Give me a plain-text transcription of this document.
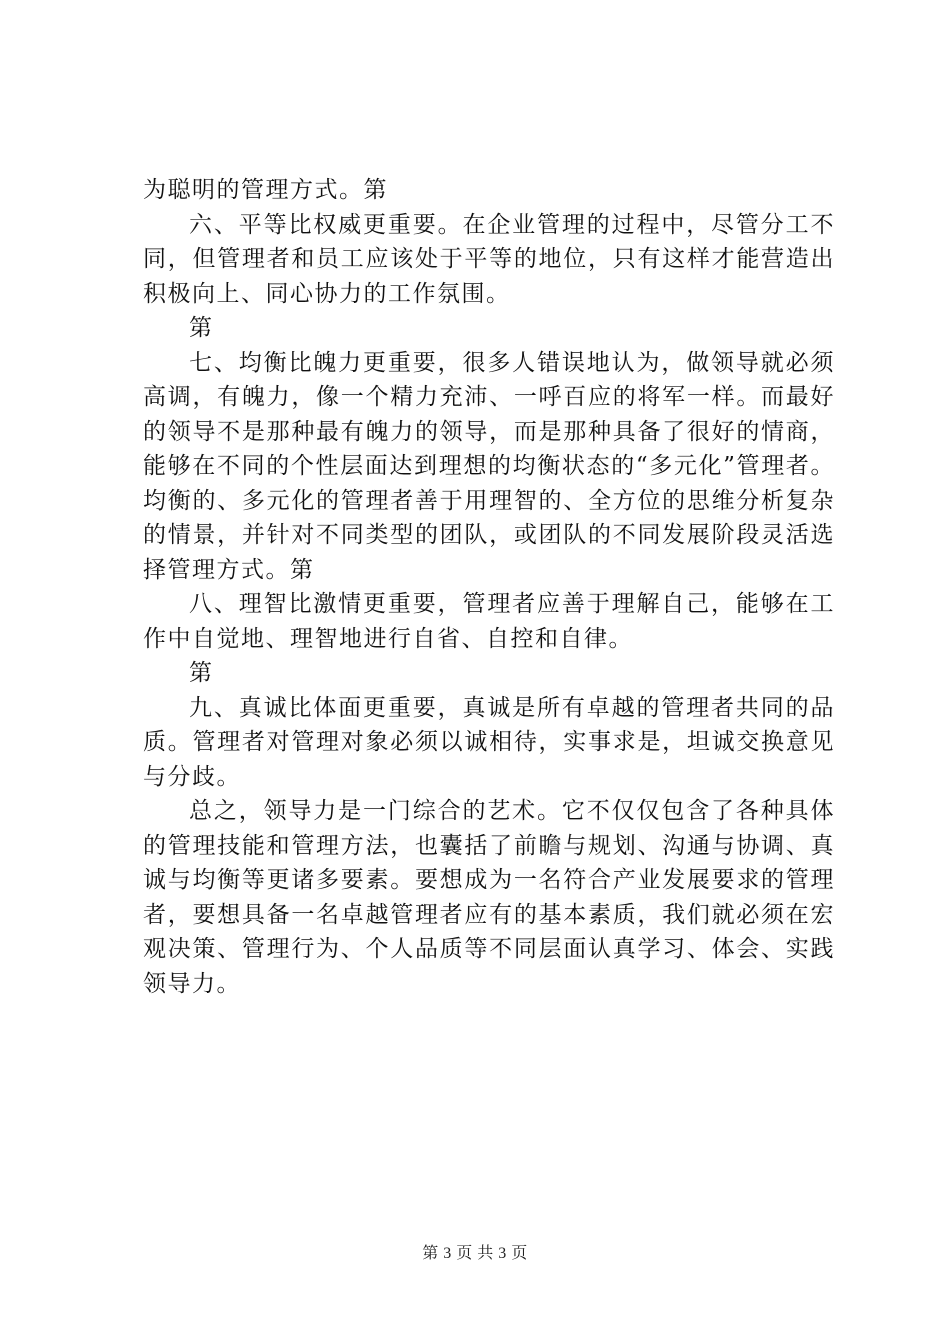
为聪明的管理方式。第

六、平等比权威更重要。在企业管理的过程中，尽管分工不同，但管理者和员工应该处于平等的地位，只有这样才能营造出积极向上、同心协力的工作氛围。

第

七、均衡比魄力更重要，很多人错误地认为，做领导就必须高调，有魄力，像一个精力充沛、一呼百应的将军一样。而最好的领导不是那种最有魄力的领导，而是那种具备了很好的情商，能够在不同的个性层面达到理想的均衡状态的“多元化”管理者。均衡的、多元化的管理者善于用理智的、全方位的思维分析复杂的情景，并针对不同类型的团队，或团队的不同发展阶段灵活选择管理方式。第

八、理智比激情更重要，管理者应善于理解自己，能够在工作中自觉地、理智地进行自省、自控和自律。

第

九、真诚比体面更重要，真诚是所有卓越的管理者共同的品质。管理者对管理对象必须以诚相待，实事求是，坦诚交换意见与分歧。

总之，领导力是一门综合的艺术。它不仅仅包含了各种具体的管理技能和管理方法，也囊括了前瞻与规划、沟通与协调、真诚与均衡等更诸多要素。要想成为一名符合产业发展要求的管理者，要想具备一名卓越管理者应有的基本素质，我们就必须在宏观决策、管理行为、个人品质等不同层面认真学习、体会、实践领导力。

第 3 页 共 3 页
